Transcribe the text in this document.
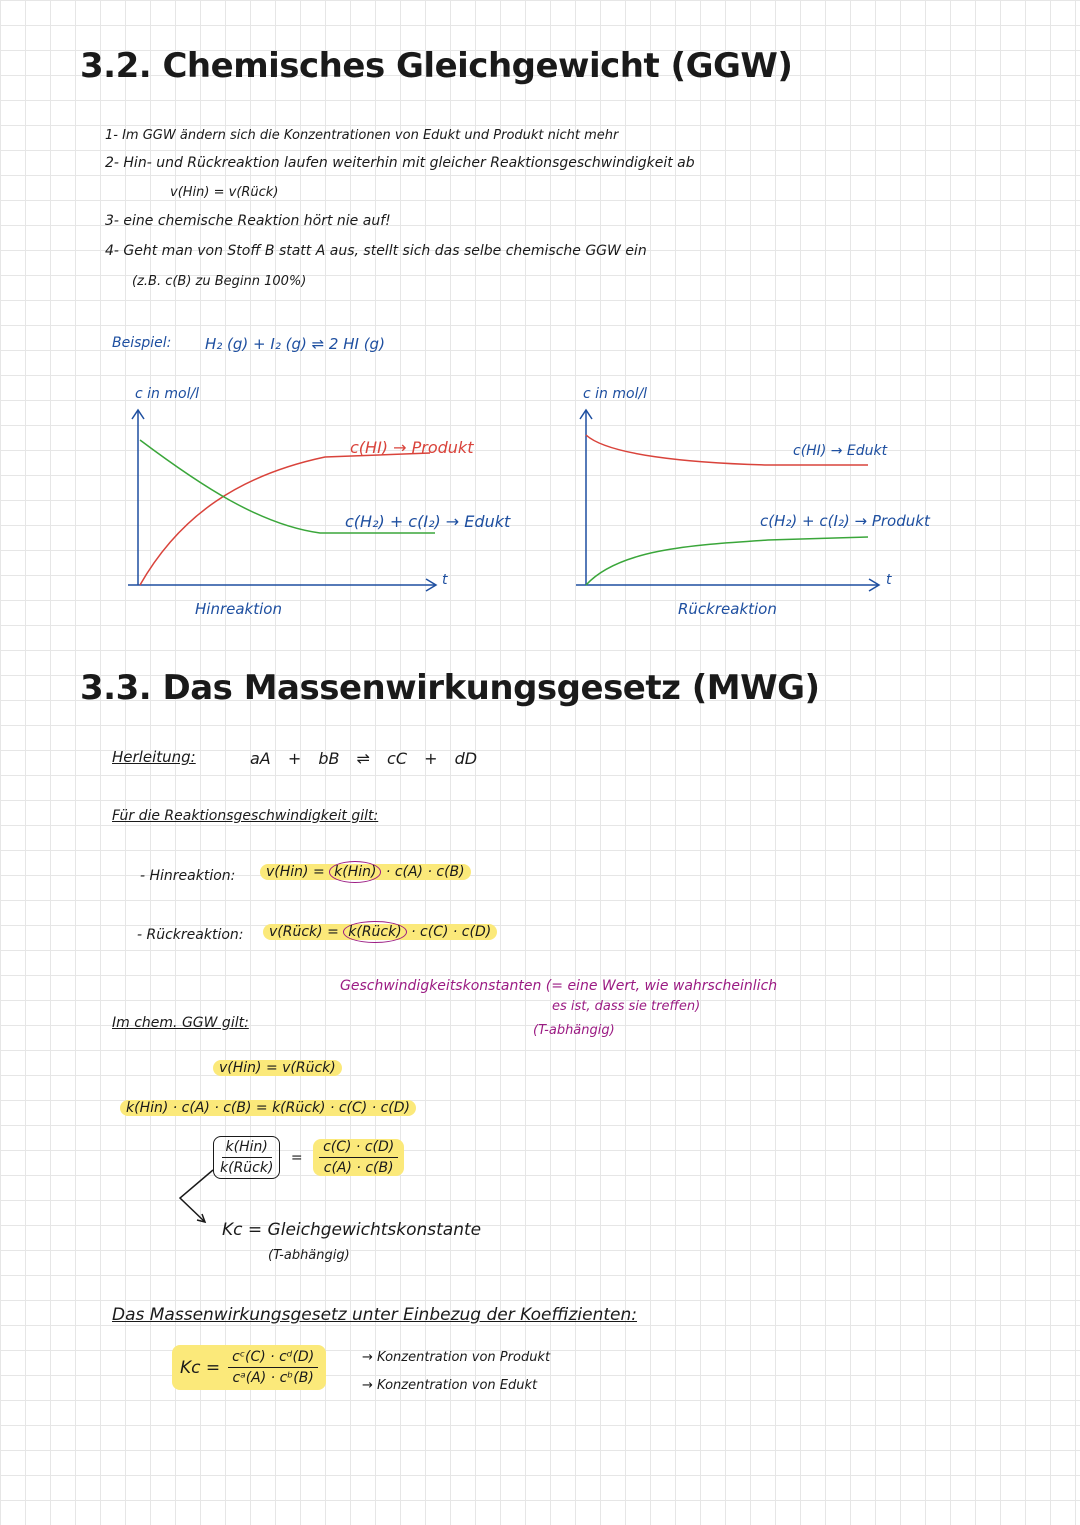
3.2. Chemisches Gleichgewicht (GGW)
1- Im GGW ändern sich die Konzentrationen von Edukt und Produkt nicht mehr
2- Hin- und Rückreaktion laufen weiterhin mit gleicher Reaktionsgeschwindigkeit ab
v(Hin) = v(Rück)
3- eine chemische Reaktion hört nie auf!
4- Geht man von Stoff B statt A aus, stellt sich das selbe chemische GGW ein
(z.B. c(B) zu Beginn 100%)
Beispiel: H₂ (g) + I₂ (g) ⇌ 2 HI (g)
c in mol/l
c(HI) → Produkt
c(H₂) + c(I₂) → Edukt
t
Hinreaktion
c in mol/l
c(HI) → Edukt
c(H₂) + c(I₂) → Produkt
t
Rückreaktion
3.3. Das Massenwirkungsgesetz (MWG)
Herleitung:	aA + bB ⇌ cC + dD
Für die Reaktionsgeschwindigkeit gilt:
- Hinreaktion:	v(Hin) = k(Hin) · c(A) · c(B)
- Rückreaktion:	v(Rück) = k(Rück) · c(C) · c(D)
Geschwindigkeitskonstanten (= eine Wert, wie wahrscheinlich
es ist, dass sie treffen)
(T-abhängig)
Im chem. GGW gilt:
v(Hin) = v(Rück)
k(Hin) · c(A) · c(B) = k(Rück) · c(C) · c(D)
$\frac{\text{k(Hin)}}{\text{k(Rück)}} = \frac{c(C) \cdot c(D)}{c(A) \cdot c(B)}$
Kc = Gleichgewichtskonstante
(T-abhängig)
Das Massenwirkungsgesetz unter Einbezug der Koeffizienten:
$Kc = \frac{\text{cᶜ(C) · cᵈ(D)}}{\text{cᵃ(A) · cᵇ(B)}}$	→ Konzentration von Produkt
→ Konzentration von Edukt
